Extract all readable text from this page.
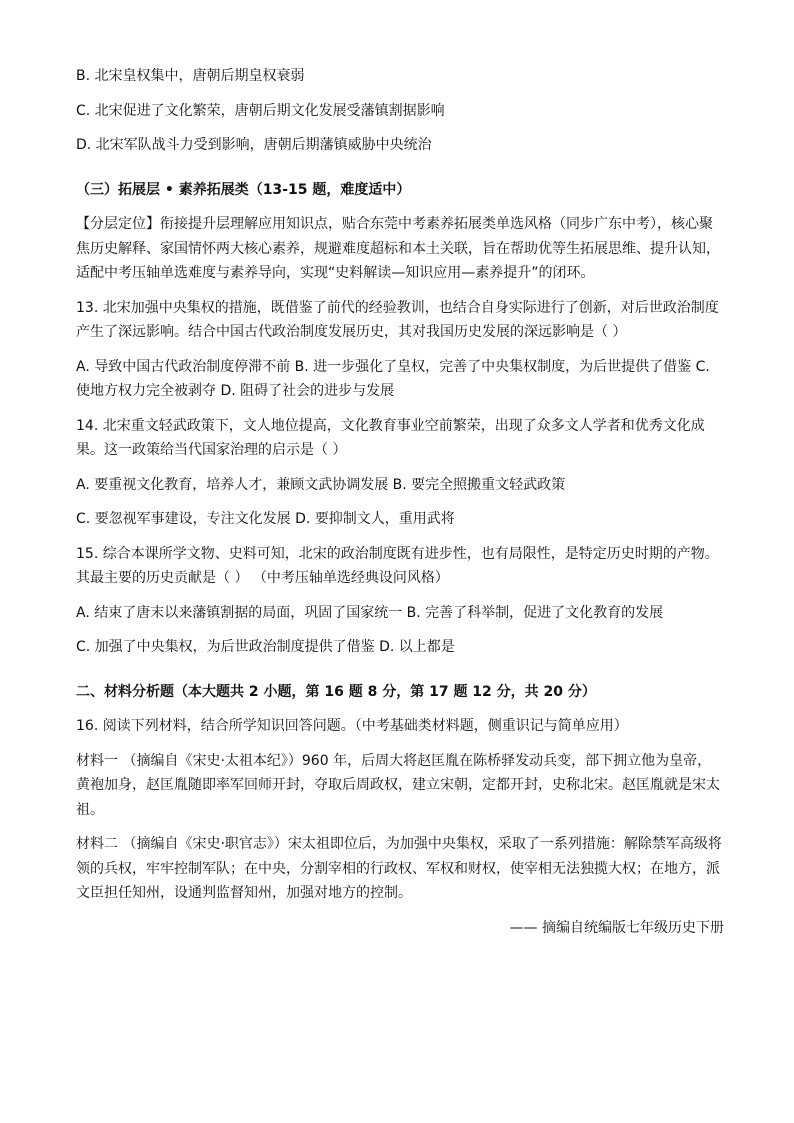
B. 北宋皇权集中，唐朝后期皇权衰弱

C. 北宋促进了文化繁荣，唐朝后期文化发展受藩镇割据影响

D. 北宋军队战斗力受到影响，唐朝后期藩镇威胁中央统治

（三）拓展层 • 素养拓展类（13-15 题，难度适中）

【分层定位】衔接提升层理解应用知识点，贴合东莞中考素养拓展类单选风格（同步广东中考），核心聚焦历史解释、家国情怀两大核心素养，规避难度超标和本土关联，旨在帮助优等生拓展思维、提升认知，适配中考压轴单选难度与素养导向，实现“史料解读—知识应用—素养提升”的闭环。

13. 北宋加强中央集权的措施，既借鉴了前代的经验教训，也结合自身实际进行了创新，对后世政治制度产生了深远影响。结合中国古代政治制度发展历史，其对我国历史发展的深远影响是（ ）

A. 导致中国古代政治制度停滞不前 B. 进一步强化了皇权，完善了中央集权制度，为后世提供了借鉴 C. 使地方权力完全被剥夺 D. 阻碍了社会的进步与发展

14. 北宋重文轻武政策下，文人地位提高，文化教育事业空前繁荣，出现了众多文人学者和优秀文化成果。这一政策给当代国家治理的启示是（ ）

A. 要重视文化教育，培养人才，兼顾文武协调发展 B. 要完全照搬重文轻武政策

C. 要忽视军事建设，专注文化发展 D. 要抑制文人，重用武将

15. 综合本课所学文物、史料可知，北宋的政治制度既有进步性，也有局限性，是特定历史时期的产物。其最主要的历史贡献是（ ） （中考压轴单选经典设问风格）

A. 结束了唐末以来藩镇割据的局面，巩固了国家统一 B. 完善了科举制，促进了文化教育的发展

C. 加强了中央集权，为后世政治制度提供了借鉴 D. 以上都是

二、材料分析题（本大题共 2 小题，第 16 题 8 分，第 17 题 12 分，共 20 分）

16. 阅读下列材料，结合所学知识回答问题。（中考基础类材料题，侧重识记与简单应用）

材料一 （摘编自《宋史·太祖本纪》）960 年，后周大将赵匡胤在陈桥驿发动兵变，部下拥立他为皇帝，黄袍加身，赵匡胤随即率军回师开封，夺取后周政权，建立宋朝，定都开封，史称北宋。赵匡胤就是宋太祖。

材料二 （摘编自《宋史·职官志》）宋太祖即位后，为加强中央集权，采取了一系列措施：解除禁军高级将领的兵权，牢牢控制军队；在中央，分割宰相的行政权、军权和财权，使宰相无法独揽大权；在地方，派文臣担任知州，设通判监督知州，加强对地方的控制。

—— 摘编自统编版七年级历史下册
